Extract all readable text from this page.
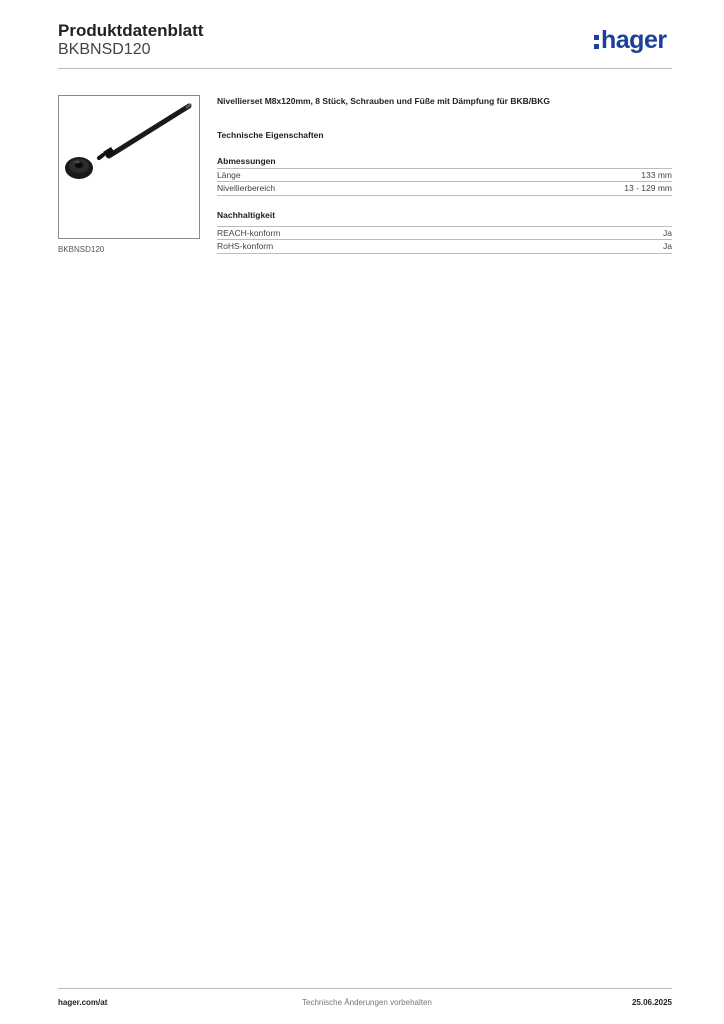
Produktdatenblatt
BKBNSD120	hager
BKBNSD120
Nivellierset M8x120mm, 8 Stück, Schrauben und Füße mit Dämpfung für BKB/BKG
Technische Eigenschaften
Abmessungen
Länge	133 mm
Nivellierbereich	13 - 129 mm
Nachhaltigkeit
REACH-konform	Ja
RoHS-konform	Ja
hager.com/at	Technische Änderungen vorbehalten	25.06.2025
